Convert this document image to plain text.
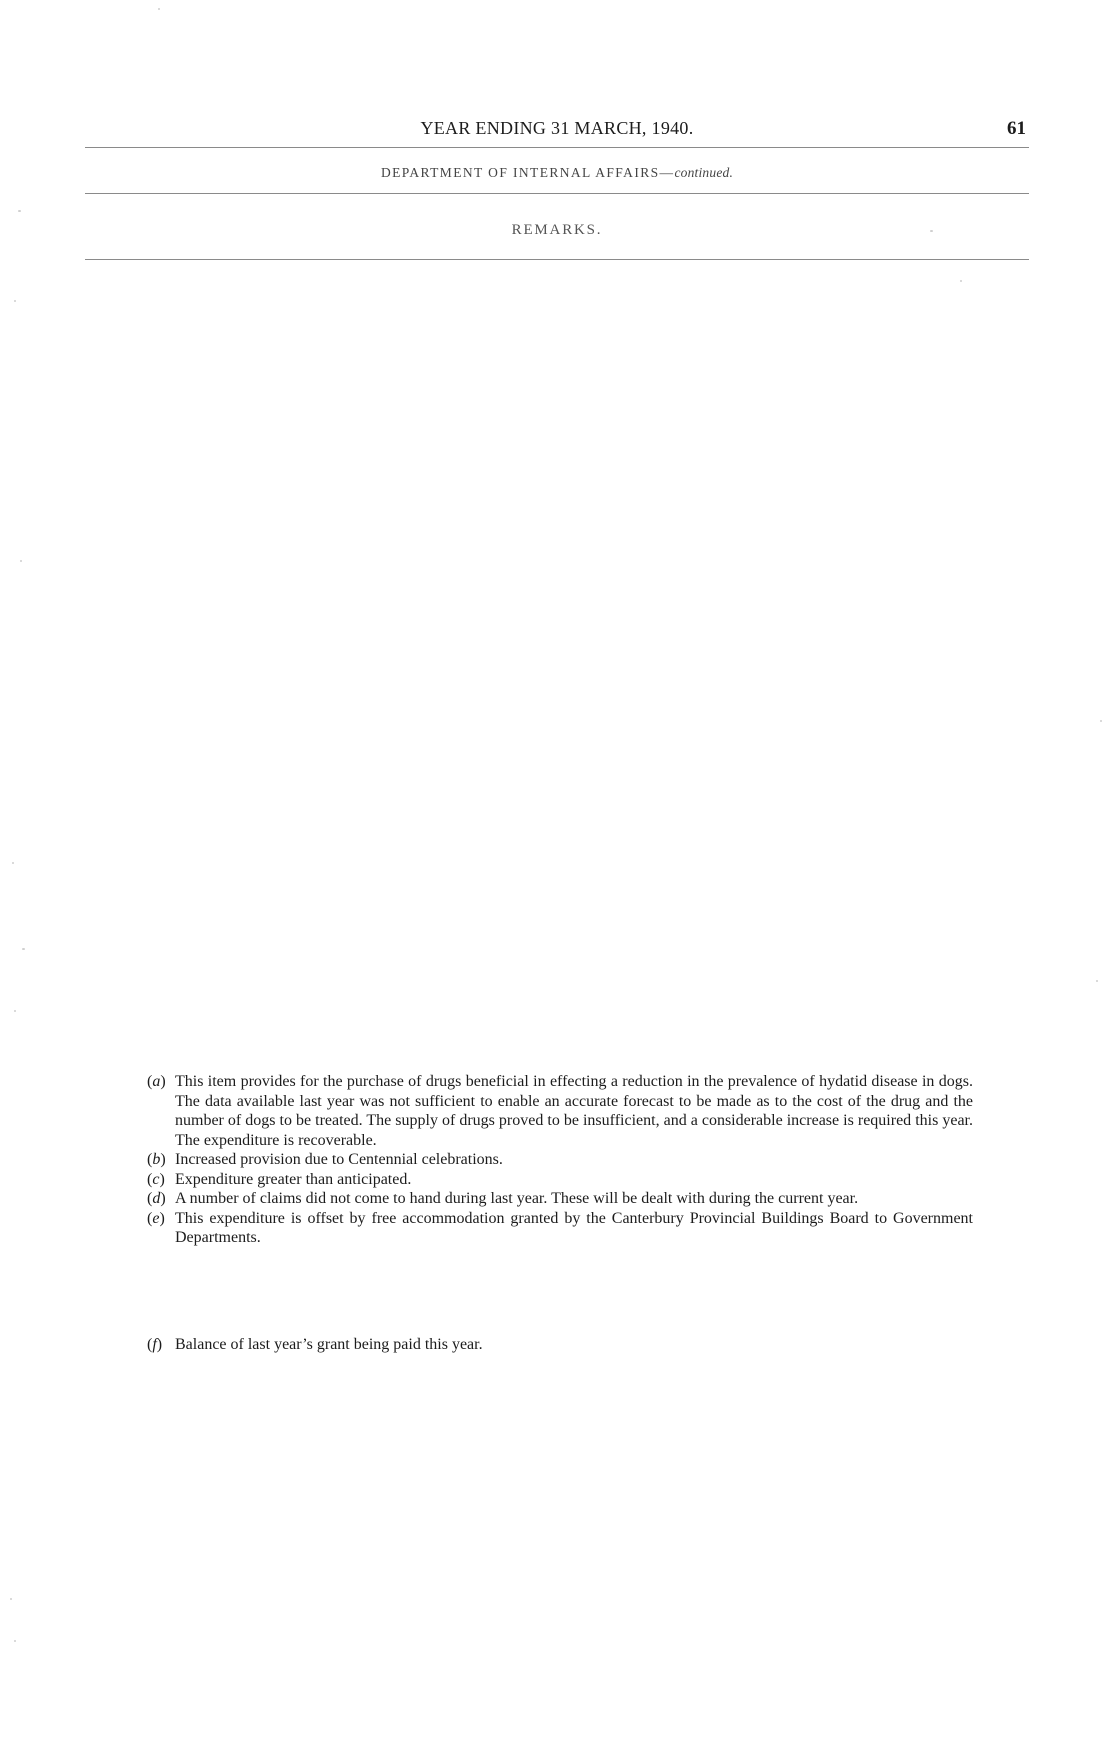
YEAR ENDING 31 MARCH, 1940.	61
DEPARTMENT OF INTERNAL AFFAIRS—continued.
REMARKS.
(a) This item provides for the purchase of drugs beneficial in effecting a reduction in the prevalence of hydatid disease in dogs. The data available last year was not sufficient to enable an accurate forecast to be made as to the cost of the drug and the number of dogs to be treated. The supply of drugs proved to be insufficient, and a considerable increase is required this year. The expenditure is recoverable.
(b) Increased provision due to Centennial celebrations.
(c) Expenditure greater than anticipated.
(d) A number of claims did not come to hand during last year. These will be dealt with during the current year.
(e) This expenditure is offset by free accommodation granted by the Canterbury Provincial Buildings Board to Government Departments.
(f) Balance of last year’s grant being paid this year.
